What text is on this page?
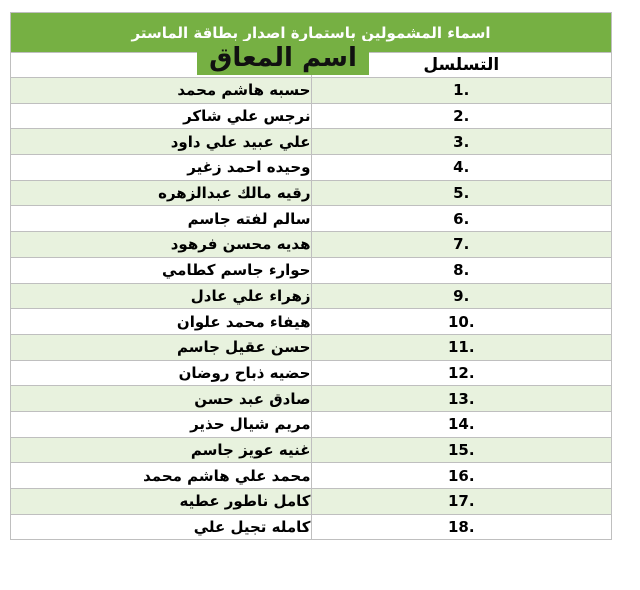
اسماء المشمولين باستمارة اصدار بطاقة الماستر	
التسلسل	اسم المعاق

1.	حسبه هاشم محمد
2.	نرجس علي شاكر
3.	علي عبيد علي داود
4.	وحيده احمد زغير
5.	رقيه مالك عبدالزهره
6.	سالم لفته جاسم
7.	هديه محسن فرهود
8.	حوارء جاسم كطامي
9.	زهراء علي عادل
10.	هيفاء محمد علوان
11.	حسن عقيل جاسم
12.	حضيه ذباح روضان
13.	صادق عبد حسن
14.	مريم شيال حذير
15.	غنيه عويز جاسم
16.	محمد علي هاشم محمد
17.	كامل ناطور عطيه
18.	كامله تجيل علي
